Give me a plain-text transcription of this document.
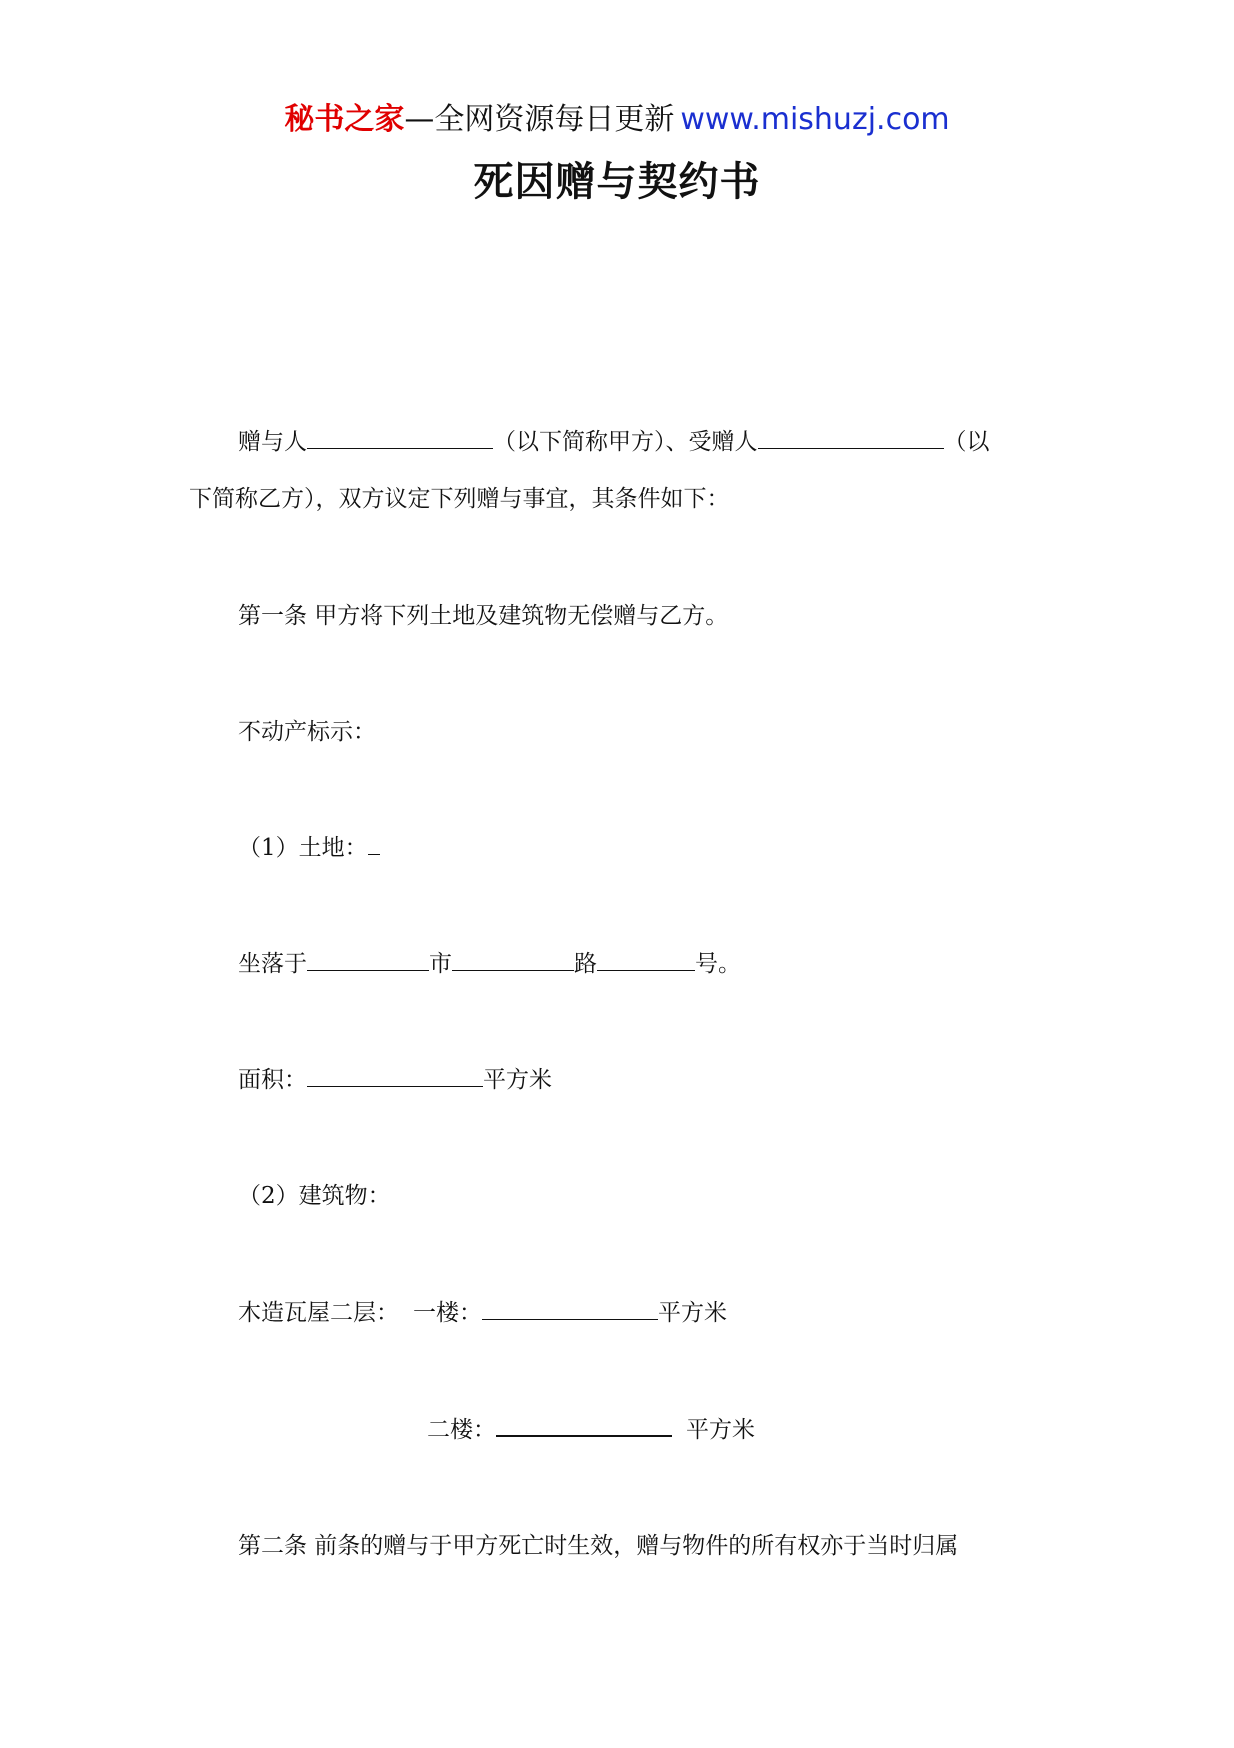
秘书之家—全网资源每日更新 www.mishuzj.com
死因赠与契约书
赠与人	（以下简称甲方）、受赠人	（以
下简称乙方），双方议定下列赠与事宜，其条件如下：
第一条 甲方将下列土地及建筑物无偿赠与乙方。
不动产标示：
（1）土地：
坐落于	市	路	号。
面积：	平方米
（2）建筑物：
木造瓦屋二层： 一楼：	平方米
二楼：	平方米
第二条 前条的赠与于甲方死亡时生效，赠与物件的所有权亦于当时归属
